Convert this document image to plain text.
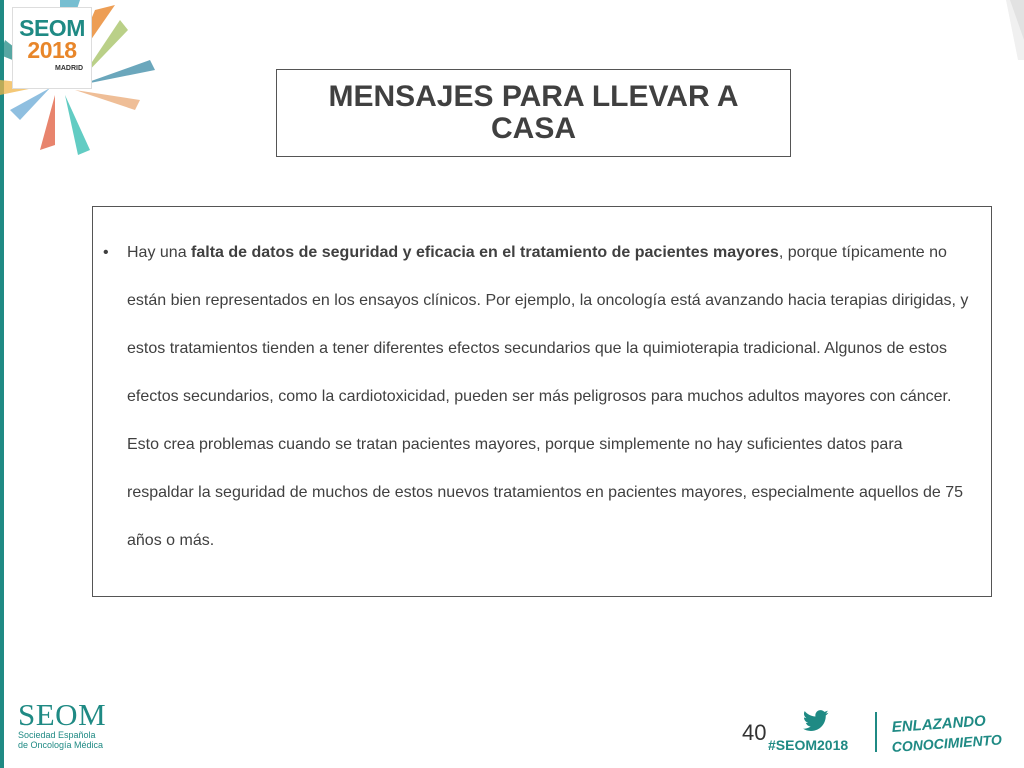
SEOM
2018
MADRID
MENSAJES PARA LLEVAR A CASA
• Hay una falta de datos de seguridad y eficacia en el tratamiento de pacientes mayores, porque típicamente no están bien representados en los ensayos clínicos. Por ejemplo, la oncología está avanzando hacia terapias dirigidas, y estos tratamientos tienden a tener diferentes efectos secundarios que la quimioterapia tradicional. Algunos de estos efectos secundarios, como la cardiotoxicidad, pueden ser más peligrosos para muchos adultos mayores con cáncer. Esto crea problemas cuando se tratan pacientes mayores, porque simplemente no hay suficientes datos para respaldar la seguridad de muchos de estos nuevos tratamientos en pacientes mayores, especialmente aquellos de 75 años o más.
SEOM
Sociedad Española
de Oncología Médica	40 #SEOM2018
ENLAZANDO
CONOCIMIENTO
